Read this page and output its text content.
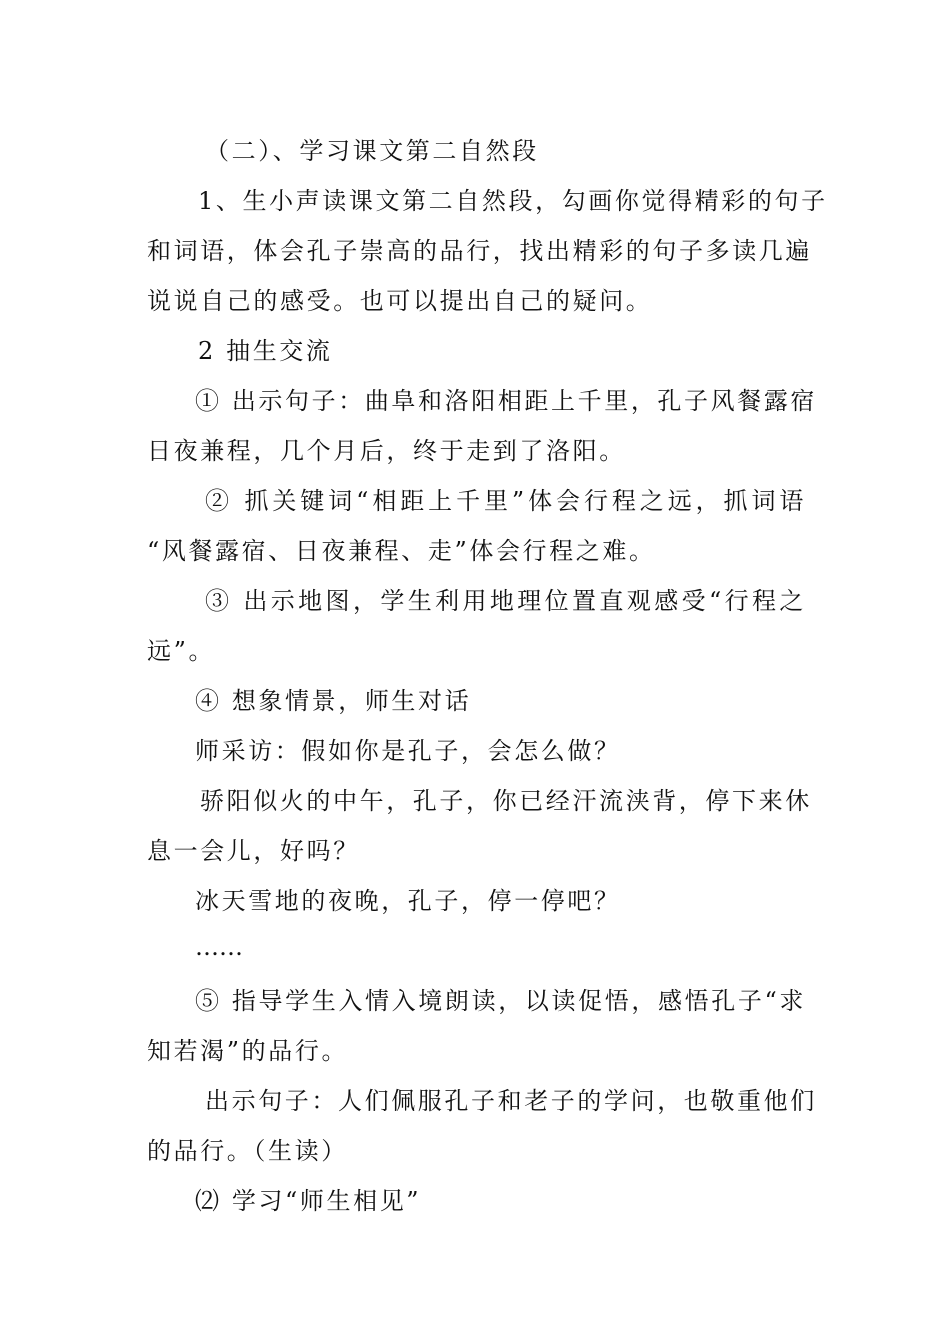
（二）、学习课文第二自然段
1、生小声读课文第二自然段，勾画你觉得精彩的句子
和词语，体会孔子崇高的品行，找出精彩的句子多读几遍
说说自己的感受。也可以提出自己的疑问。
2 抽生交流
① 出示句子：曲阜和洛阳相距上千里，孔子风餐露宿
日夜兼程，几个月后，终于走到了洛阳。
② 抓关键词“相距上千里”体会行程之远，抓词语
“风餐露宿、日夜兼程、走”体会行程之难。
③ 出示地图，学生利用地理位置直观感受“行程之
远”。
④ 想象情景，师生对话
师采访：假如你是孔子，会怎么做？
骄阳似火的中午，孔子，你已经汗流浃背，停下来休
息一会儿，好吗？
冰天雪地的夜晚，孔子，停一停吧？
……
⑤ 指导学生入情入境朗读，以读促悟，感悟孔子“求
知若渴”的品行。
出示句子：人们佩服孔子和老子的学问，也敬重他们
的品行。（生读）
⑵ 学习“师生相见”
